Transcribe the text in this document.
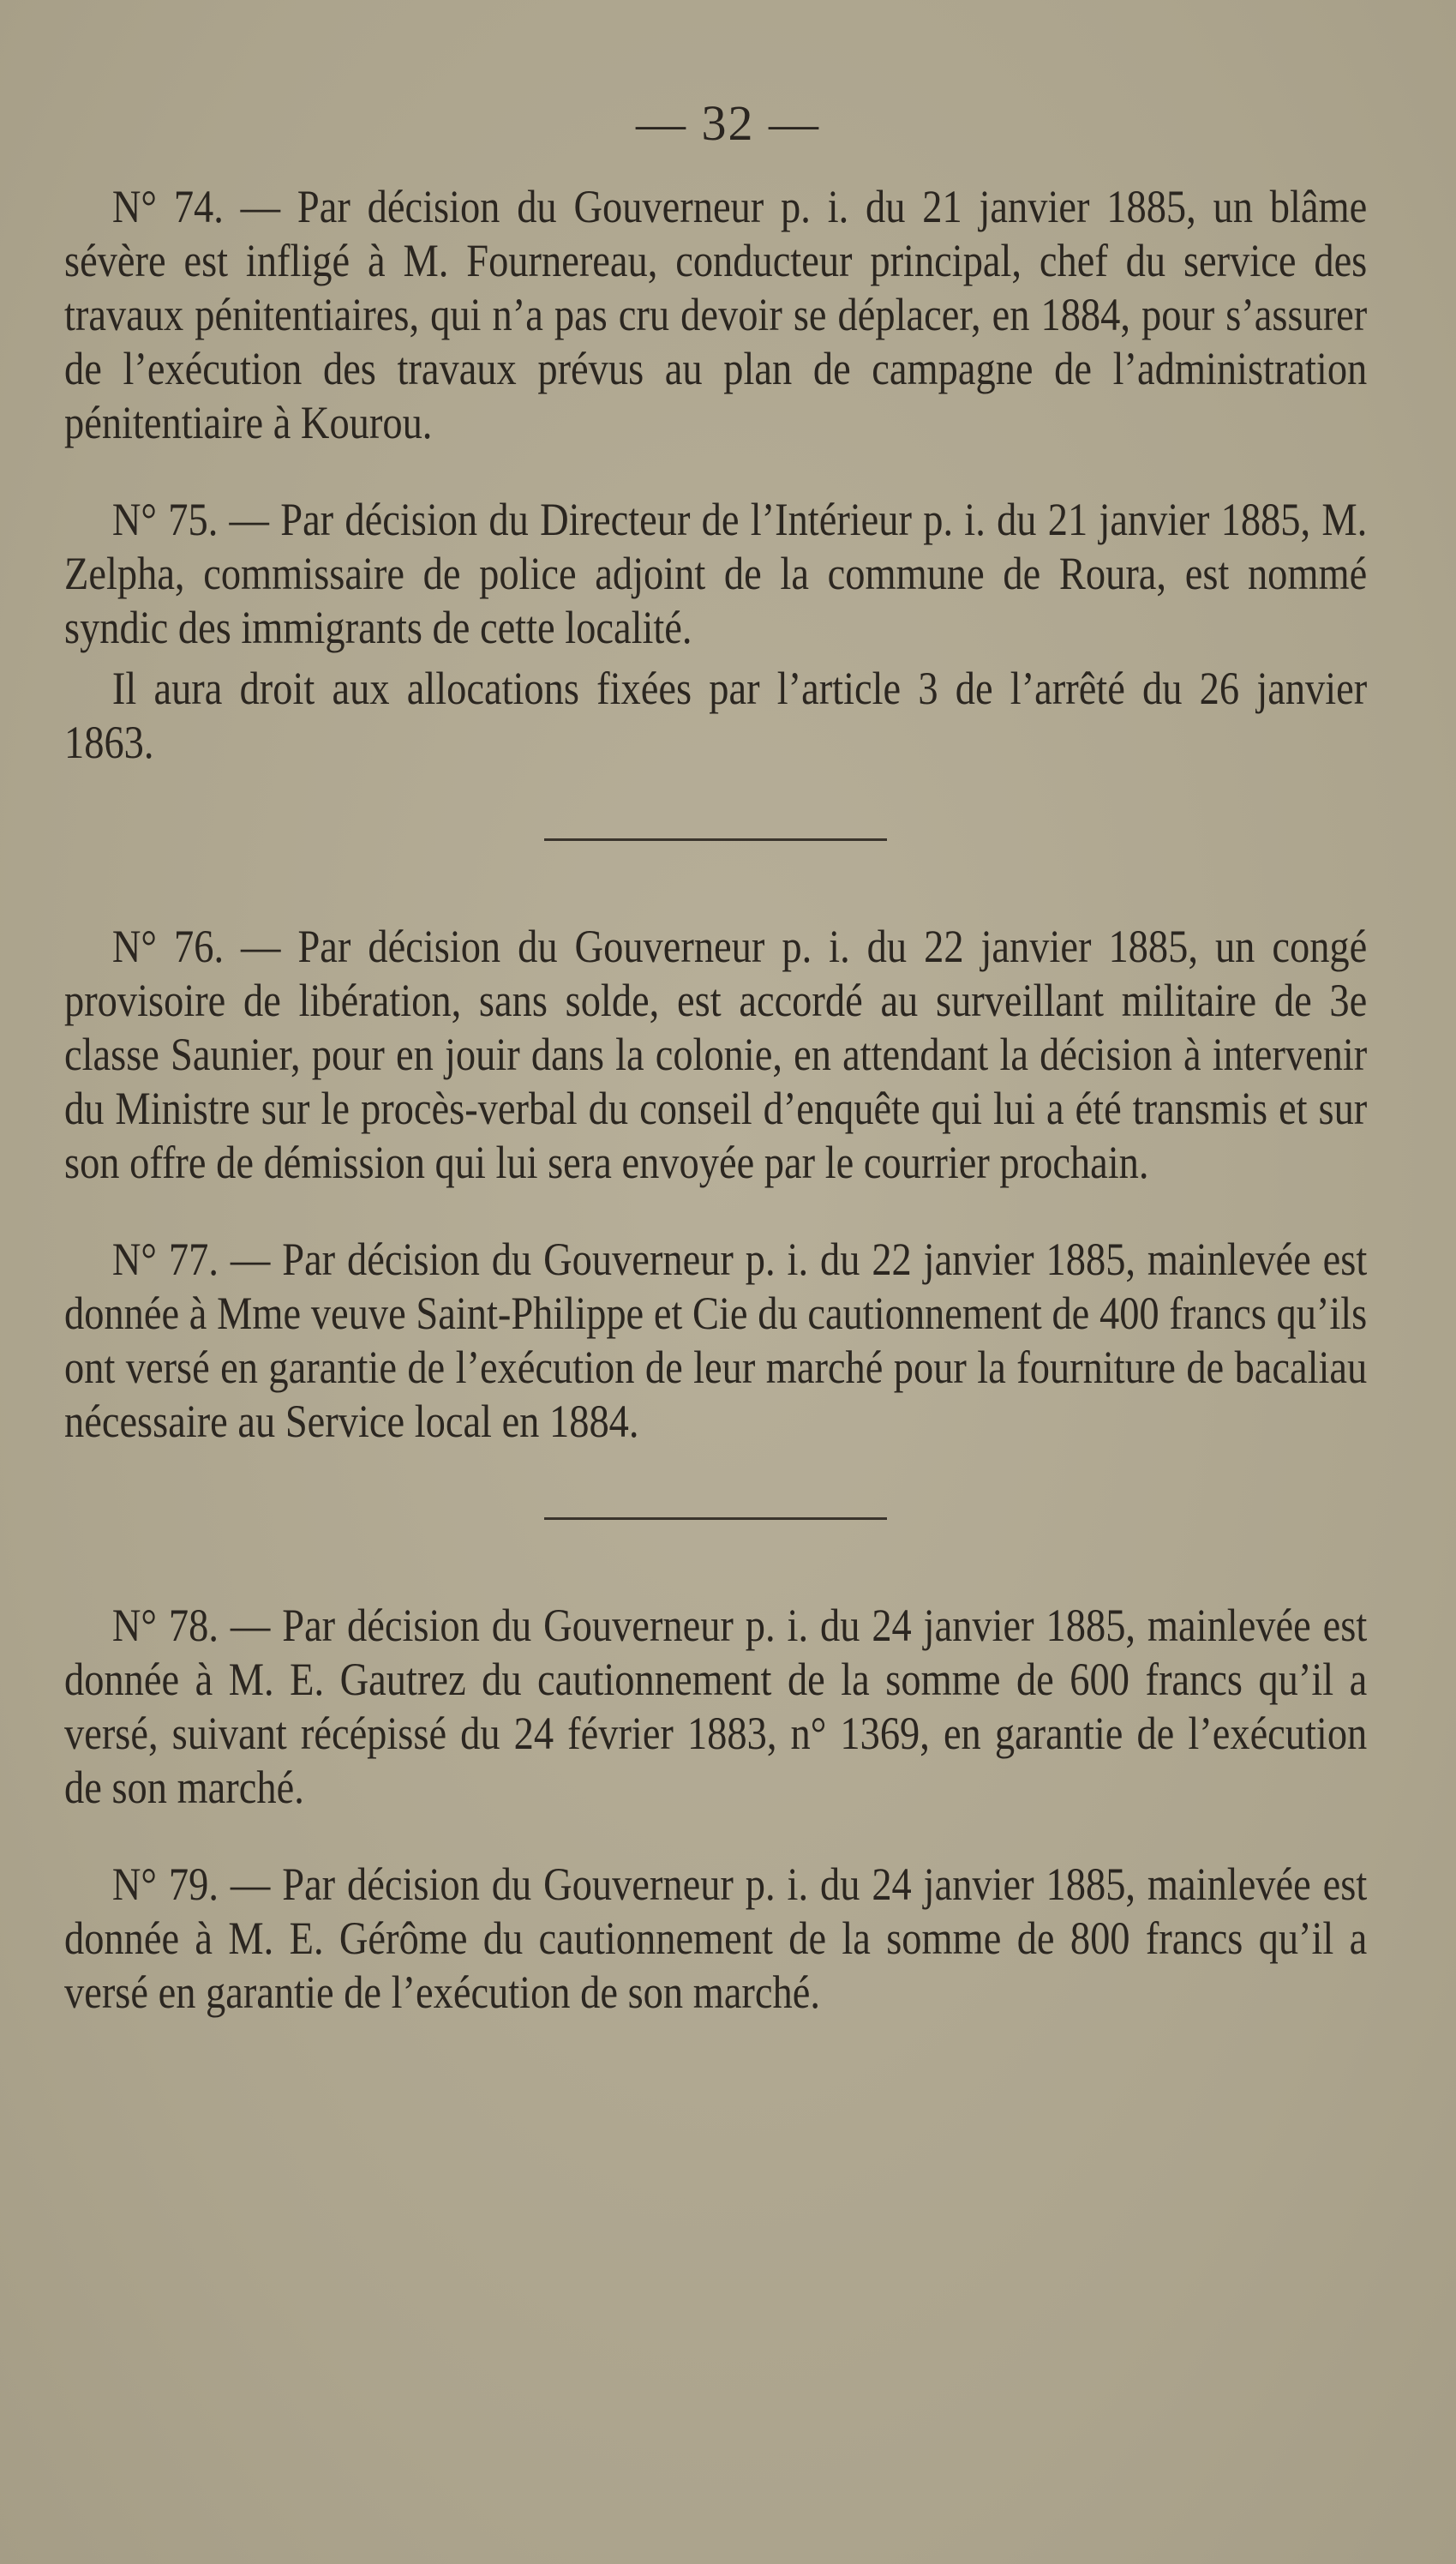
— 32 —

N° 74. — Par décision du Gouverneur p. i. du 21 janvier 1885, un blâme sévère est infligé à M. Fournereau, conducteur principal, chef du service des travaux pénitentiaires, qui n’a pas cru devoir se déplacer, en 1884, pour s’assurer de l’exécution des travaux prévus au plan de campagne de l’administration pénitentiaire à Kourou.

N° 75. — Par décision du Directeur de l’Intérieur p. i. du 21 janvier 1885, M. Zelpha, commissaire de police adjoint de la commune de Roura, est nommé syndic des immigrants de cette localité.

Il aura droit aux allocations fixées par l’article 3 de l’arrêté du 26 janvier 1863.

N° 76. — Par décision du Gouverneur p. i. du 22 janvier 1885, un congé provisoire de libération, sans solde, est accordé au surveillant militaire de 3e classe Saunier, pour en jouir dans la colonie, en attendant la décision à intervenir du Ministre sur le procès-verbal du conseil d’enquête qui lui a été transmis et sur son offre de démission qui lui sera envoyée par le courrier prochain.

N° 77. — Par décision du Gouverneur p. i. du 22 janvier 1885, mainlevée est donnée à Mme veuve Saint-Philippe et Cie du cautionnement de 400 francs qu’ils ont versé en garantie de l’exécution de leur marché pour la fourniture de bacaliau nécessaire au Service local en 1884.

N° 78. — Par décision du Gouverneur p. i. du 24 janvier 1885, mainlevée est donnée à M. E. Gautrez du cautionnement de la somme de 600 francs qu’il a versé, suivant récépissé du 24 février 1883, n° 1369, en garantie de l’exécution de son marché.

N° 79. — Par décision du Gouverneur p. i. du 24 janvier 1885, mainlevée est donnée à M. E. Gérôme du cautionnement de la somme de 800 francs qu’il a versé en garantie de l’exécution de son marché.
